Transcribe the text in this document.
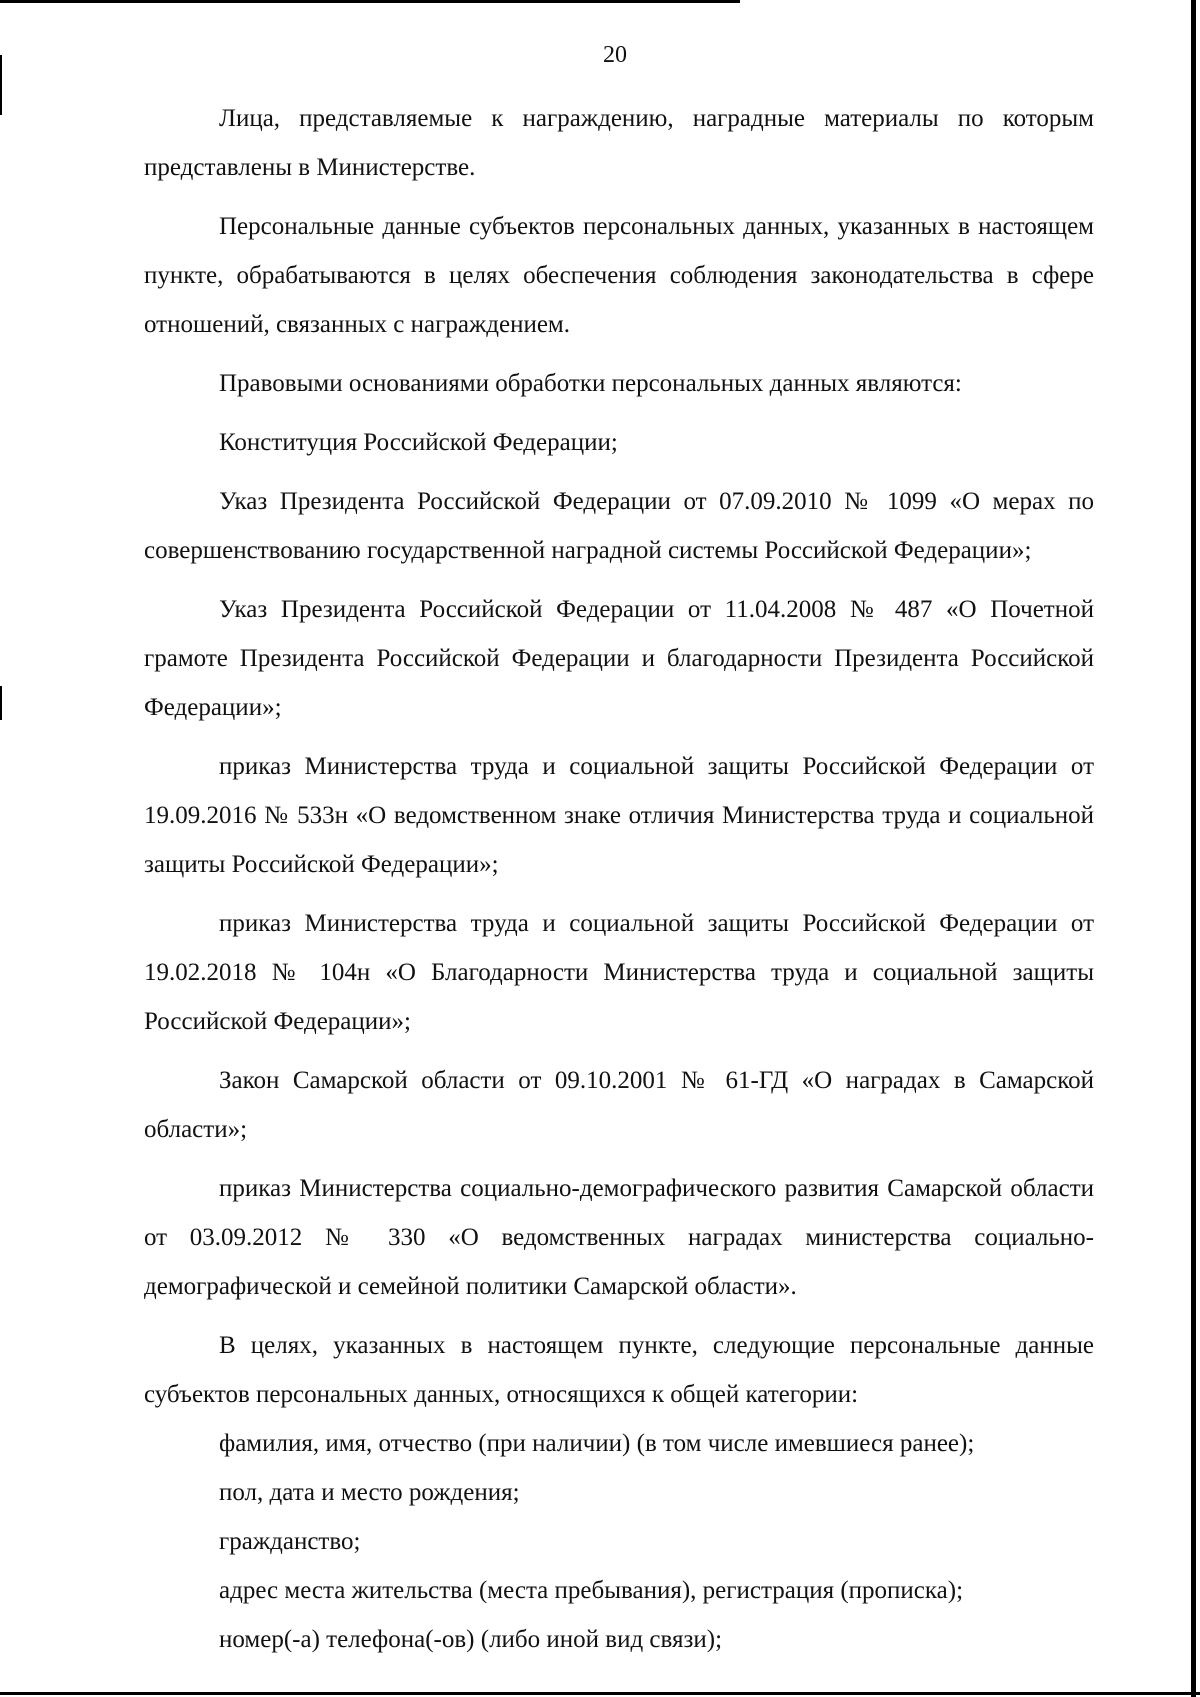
20

Лица, представляемые к награждению, наградные материалы по которым представлены в Министерстве.

Персональные данные субъектов персональных данных, указанных в настоящем пункте, обрабатываются в целях обеспечения соблюдения законодательства в сфере отношений, связанных с награждением.

Правовыми основаниями обработки персональных данных являются:

Конституция Российской Федерации;

Указ Президента Российской Федерации от 07.09.2010 № 1099 «О мерах по совершенствованию государственной наградной системы Российской Федерации»;

Указ Президента Российской Федерации от 11.04.2008 № 487 «О Почетной грамоте Президента Российской Федерации и благодарности Президента Российской Федерации»;

приказ Министерства труда и социальной защиты Российской Федерации от 19.09.2016 № 533н «О ведомственном знаке отличия Министерства труда и социальной защиты Российской Федерации»;

приказ Министерства труда и социальной защиты Российской Федерации от 19.02.2018 № 104н «О Благодарности Министерства труда и социальной защиты Российской Федерации»;

Закон Самарской области от 09.10.2001 № 61-ГД «О наградах в Самарской области»;

приказ Министерства социально-демографического развития Самарской области от 03.09.2012 № 330 «О ведомственных наградах министерства социально-демографической и семейной политики Самарской области».

В целях, указанных в настоящем пункте, следующие персональные данные субъектов персональных данных, относящихся к общей категории:

фамилия, имя, отчество (при наличии) (в том числе имевшиеся ранее);

пол, дата и место рождения;

гражданство;

адрес места жительства (места пребывания), регистрация (прописка);

номер(-а) телефона(-ов) (либо иной вид связи);
